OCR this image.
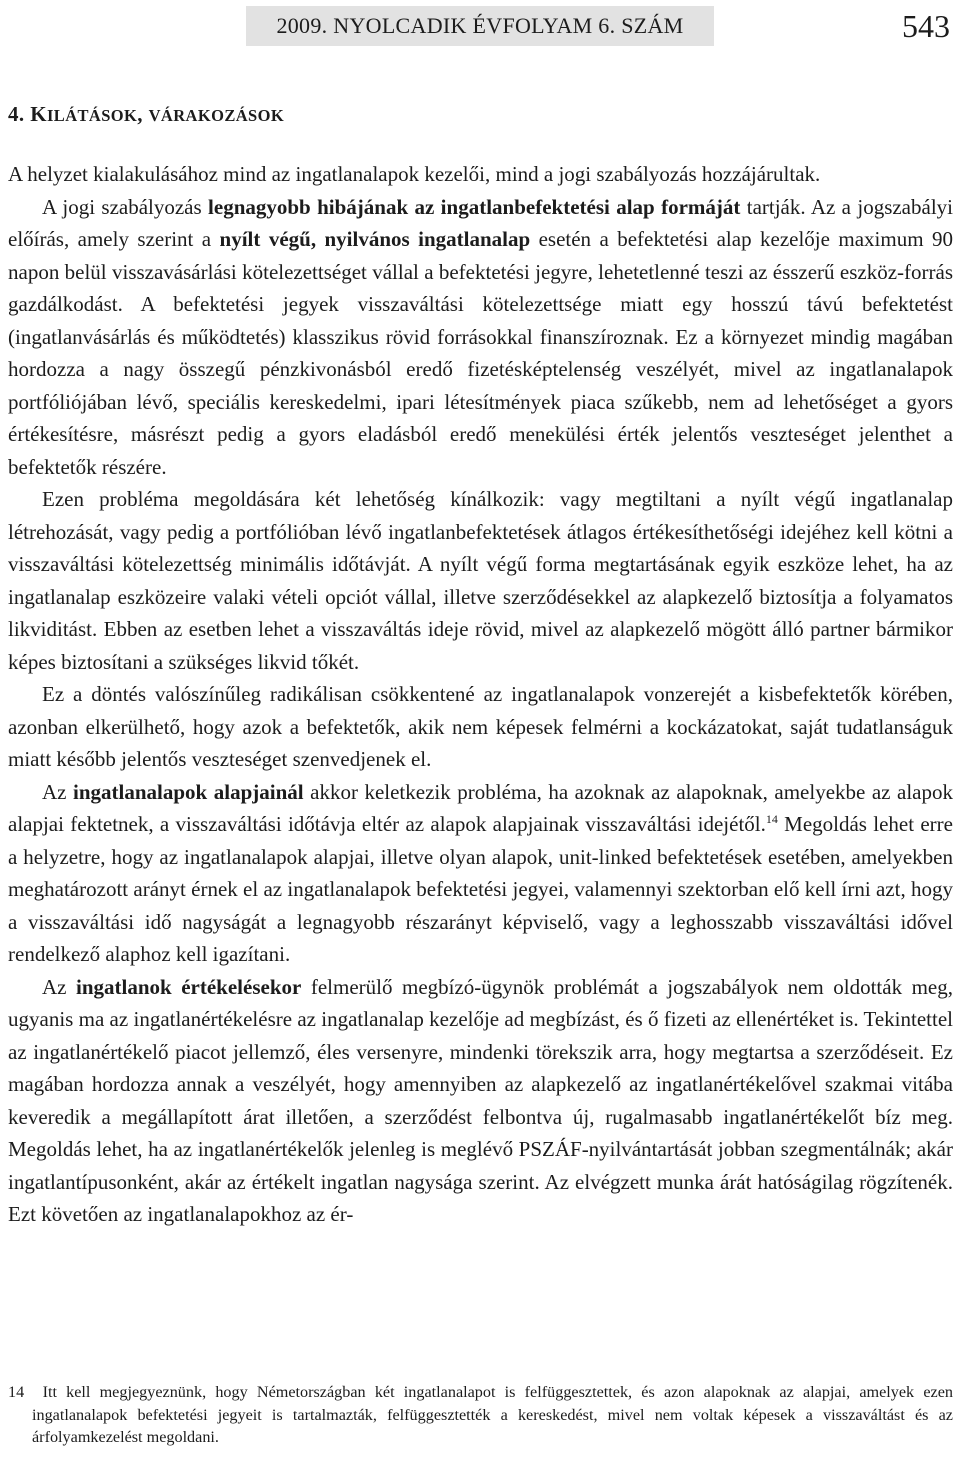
2009. NYOLCADIK ÉVFOLYAM 6. SZÁM	543
4. KILÁTÁSOK, VÁRAKOZÁSOK

A helyzet kialakulásához mind az ingatlanalapok kezelői, mind a jogi szabályozás hozzájárultak.

A jogi szabályozás legnagyobb hibájának az ingatlanbefektetési alap formáját tartják. Az a jogszabályi előírás, amely szerint a nyílt végű, nyilvános ingatlanalap esetén a befektetési alap kezelője maximum 90 napon belül visszavásárlási kötelezettséget vállal a befektetési jegyre, lehetetlenné teszi az ésszerű eszköz-forrás gazdálkodást. A befektetési jegyek visszaváltási kötelezettsége miatt egy hosszú távú befektetést (ingatlanvásárlás és működtetés) klasszikus rövid forrásokkal finanszíroznak. Ez a környezet mindig magában hordozza a nagy összegű pénzkivonásból eredő fizetésképtelenség veszélyét, mivel az ingatlanalapok portfóliójában lévő, speciális kereskedelmi, ipari létesítmények piaca szűkebb, nem ad lehetőséget a gyors értékesítésre, másrészt pedig a gyors eladásból eredő menekülési érték jelentős veszteséget jelenthet a befektetők részére.

Ezen probléma megoldására két lehetőség kínálkozik: vagy megtiltani a nyílt végű ingatlanalap létrehozását, vagy pedig a portfólióban lévő ingatlanbefektetések átlagos értékesíthetőségi idejéhez kell kötni a visszaváltási kötelezettség minimális időtávját. A nyílt végű forma megtartásának egyik eszköze lehet, ha az ingatlanalap eszközeire valaki vételi opciót vállal, illetve szerződésekkel az alapkezelő biztosítja a folyamatos likviditást. Ebben az esetben lehet a visszaváltás ideje rövid, mivel az alapkezelő mögött álló partner bármikor képes biztosítani a szükséges likvid tőkét.

Ez a döntés valószínűleg radikálisan csökkentené az ingatlanalapok vonzerejét a kisbefektetők körében, azonban elkerülhető, hogy azok a befektetők, akik nem képesek felmérni a kockázatokat, saját tudatlanságuk miatt később jelentős veszteséget szenvedjenek el.

Az ingatlanalapok alapjainál akkor keletkezik probléma, ha azoknak az alapoknak, amelyekbe az alapok alapjai fektetnek, a visszaváltási időtávja eltér az alapok alapjainak visszaváltási idejétől.$^{14}$ Megoldás lehet erre a helyzetre, hogy az ingatlanalapok alapjai, illetve olyan alapok, unit-linked befektetések esetében, amelyekben meghatározott arányt érnek el az ingatlanalapok befektetési jegyei, valamennyi szektorban elő kell írni azt, hogy a visszaváltási idő nagyságát a legnagyobb részarányt képviselő, vagy a leghosszabb visszaváltási idővel rendelkező alaphoz kell igazítani.

Az ingatlanok értékelésekor felmerülő megbízó-ügynök problémát a jogszabályok nem oldották meg, ugyanis ma az ingatlanértékelésre az ingatlanalap kezelője ad megbízást, és ő fizeti az ellenértéket is. Tekintettel az ingatlanértékelő piacot jellemző, éles versenyre, mindenki törekszik arra, hogy megtartsa a szerződéseit. Ez magában hordozza annak a veszélyét, hogy amennyiben az alapkezelő az ingatlanértékelővel szakmai vitába keveredik a megállapított árat illetően, a szerződést felbontva új, rugalmasabb ingatlanértékelőt bíz meg. Megoldás lehet, ha az ingatlanértékelők jelenleg is meglévő PSZÁF-nyilvántartását jobban szegmentálnák; akár ingatlantípusonként, akár az értékelt ingatlan nagysága szerint. Az elvégzett munka árát hatóságilag rögzítenék. Ezt követően az ingatlanalapokhoz az ér-

14 Itt kell megjegyeznünk, hogy Németországban két ingatlanalapot is felfüggesztettek, és azon alapoknak az alapjai, amelyek ezen ingatlanalapok befektetési jegyeit is tartalmazták, felfüggesztették a kereskedést, mivel nem voltak képesek a visszaváltást és az árfolyamkezelést megoldani.
